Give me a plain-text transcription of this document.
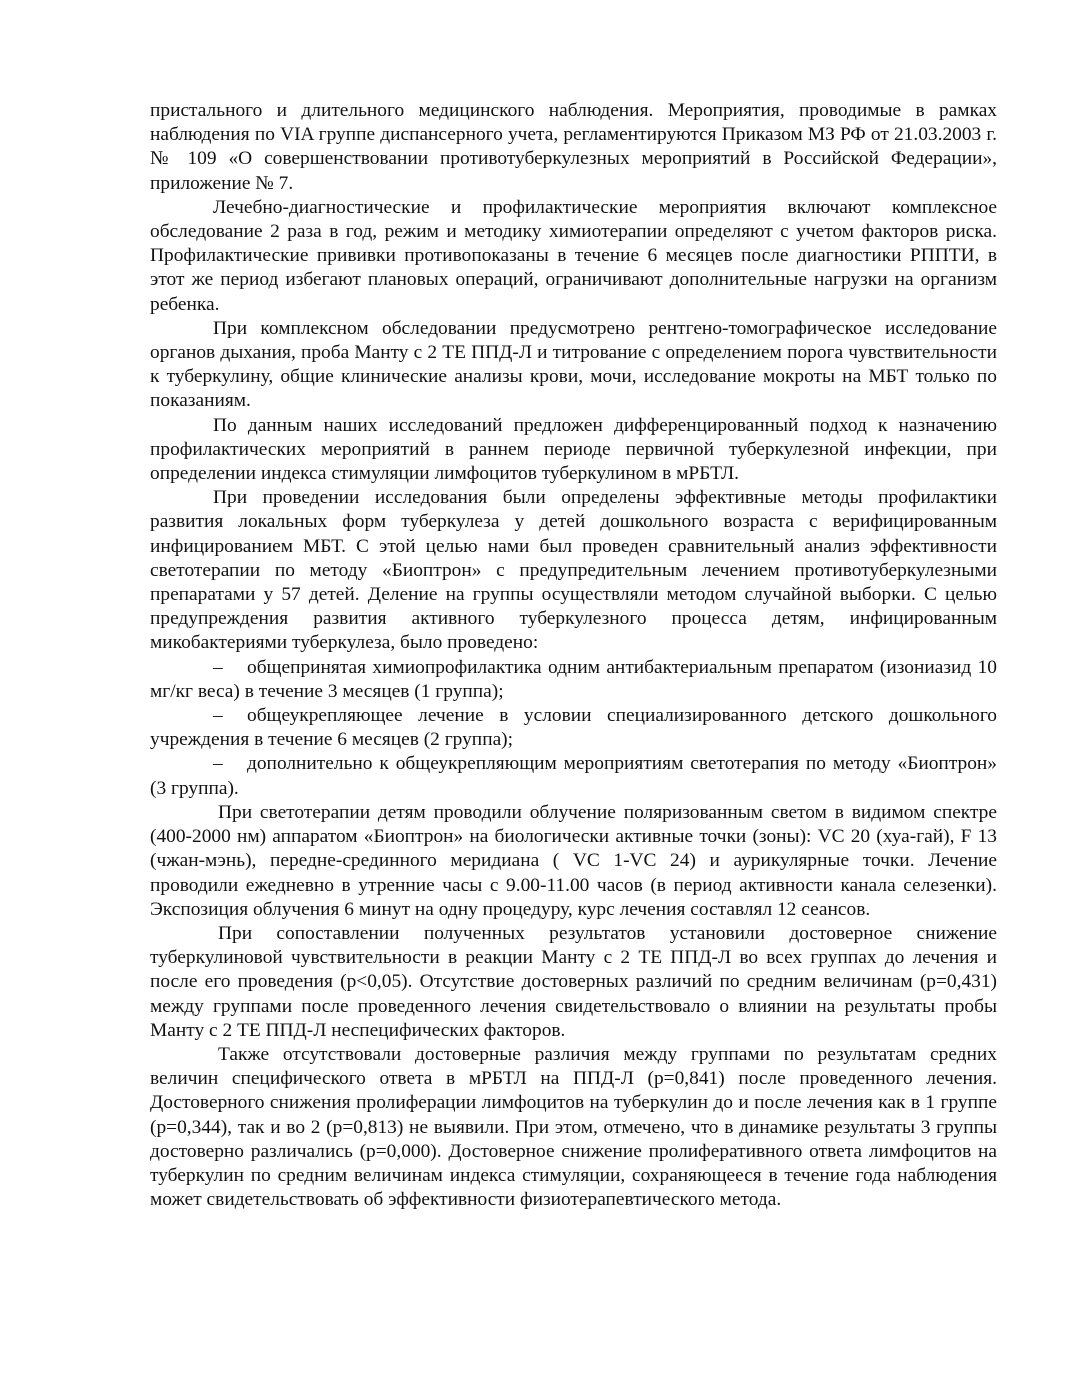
пристального и длительного медицинского наблюдения. Мероприятия, проводимые в рамках наблюдения по VIA группе диспансерного учета, регламентируются Приказом МЗ РФ от 21.03.2003 г. № 109 «О совершенствовании противотуберкулезных мероприятий в Российской Федерации», приложение № 7.

Лечебно-диагностические и профилактические мероприятия включают комплексное обследование 2 раза в год, режим и методику химиотерапии определяют с учетом факторов риска. Профилактические прививки противопоказаны в течение 6 месяцев после диагностики РППТИ, в этот же период избегают плановых операций, ограничивают дополнительные нагрузки на организм ребенка.

При комплексном обследовании предусмотрено рентгено-томографическое исследование органов дыхания, проба Манту с 2 ТЕ ППД-Л и титрование с определением порога чувствительности к туберкулину, общие клинические анализы крови, мочи, исследование мокроты на МБТ только по показаниям.

По данным наших исследований предложен дифференцированный подход к назначению профилактических мероприятий в раннем периоде первичной туберкулезной инфекции, при определении индекса стимуляции лимфоцитов туберкулином в мРБТЛ.

При проведении исследования были определены эффективные методы профилактики развития локальных форм туберкулеза у детей дошкольного возраста с верифицированным инфицированием МБТ. С этой целью нами был проведен сравнительный анализ эффективности светотерапии по методу «Биоптрон» с предупредительным лечением противотуберкулезными препаратами у 57 детей. Деление на группы осуществляли методом случайной выборки. С целью предупреждения развития активного туберкулезного процесса детям, инфицированным микобактериями туберкулеза, было проведено:

– общепринятая химиопрофилактика одним антибактериальным препаратом (изониазид 10 мг/кг веса) в течение 3 месяцев (1 группа);

– общеукрепляющее лечение в условии специализированного детского дошкольного учреждения в течение 6 месяцев (2 группа);

– дополнительно к общеукрепляющим мероприятиям светотерапия по методу «Биоптрон» (3 группа).

При светотерапии детям проводили облучение поляризованным светом в видимом спектре (400-2000 нм) аппаратом «Биоптрон» на биологически активные точки (зоны): VC 20 (хуа-гай), F 13 (чжан-мэнь), передне-срединного меридиана ( VC 1-VC 24) и аурикулярные точки. Лечение проводили ежедневно в утренние часы с 9.00-11.00 часов (в период активности канала селезенки). Экспозиция облучения 6 минут на одну процедуру, курс лечения составлял 12 сеансов.

При сопоставлении полученных результатов установили достоверное снижение туберкулиновой чувствительности в реакции Манту с 2 ТЕ ППД-Л во всех группах до лечения и после его проведения (p<0,05). Отсутствие достоверных различий по средним величинам (p=0,431) между группами после проведенного лечения свидетельствовало о влиянии на результаты пробы Манту с 2 ТЕ ППД-Л неспецифических факторов.

Также отсутствовали достоверные различия между группами по результатам средних величин специфического ответа в мРБТЛ на ППД-Л (p=0,841) после проведенного лечения. Достоверного снижения пролиферации лимфоцитов на туберкулин до и после лечения как в 1 группе (p=0,344), так и во 2 (p=0,813) не выявили. При этом, отмечено, что в динамике результаты 3 группы достоверно различались (p=0,000). Достоверное снижение пролиферативного ответа лимфоцитов на туберкулин по средним величинам индекса стимуляции, сохраняющееся в течение года наблюдения может свидетельствовать об эффективности физиотерапевтического метода.
